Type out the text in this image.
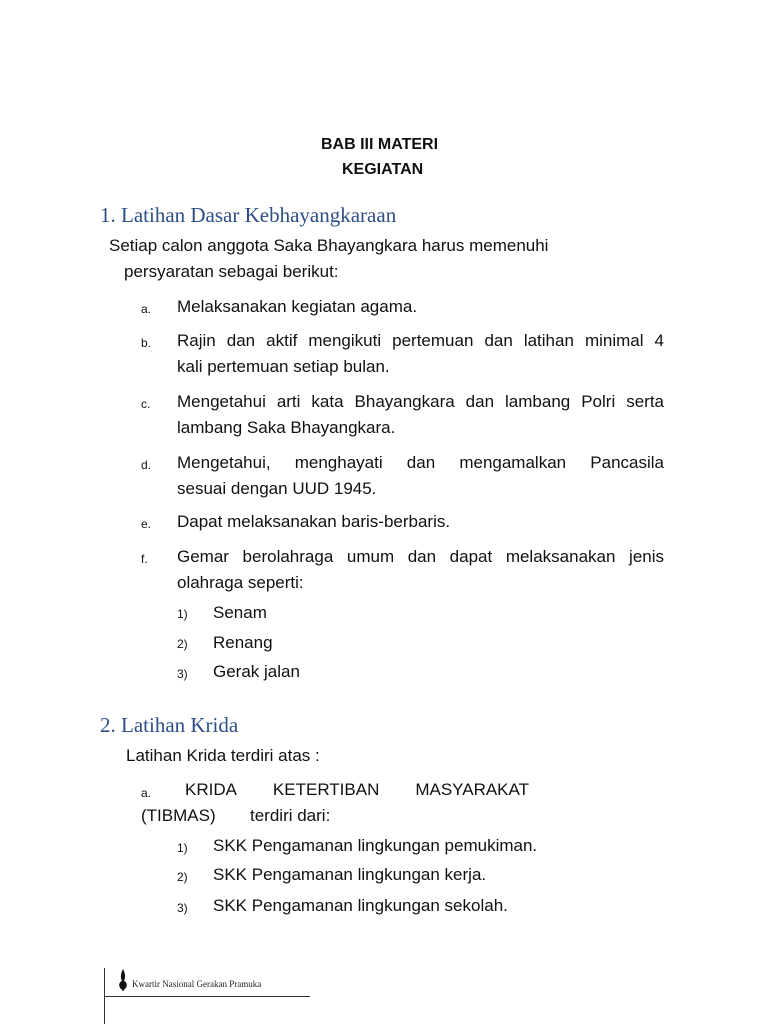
BAB III MATERI
KEGIATAN
1. Latihan Dasar Kebhayangkaraan
Setiap calon anggota Saka Bhayangkara harus memenuhi
persyaratan sebagai berikut:
a. Melaksanakan kegiatan agama.
b. Rajin dan aktif mengikuti pertemuan dan latihan minimal 4
kali pertemuan setiap bulan.
c. Mengetahui arti kata Bhayangkara dan lambang Polri serta
lambang Saka Bhayangkara.
d. Mengetahui, menghayati dan mengamalkan Pancasila
sesuai dengan UUD 1945.
e. Dapat melaksanakan baris-berbaris.
f. Gemar berolahraga umum dan dapat melaksanakan jenis
olahraga seperti:
1) Senam
2) Renang
3) Gerak jalan
2. Latihan Krida
Latihan Krida terdiri atas :
a. KRIDA KETERTIBAN MASYARAKAT
(TIBMAS) terdiri dari:
1) SKK Pengamanan lingkungan pemukiman.
2) SKK Pengamanan lingkungan kerja.
3) SKK Pengamanan lingkungan sekolah.
Kwartir Nasional Gerakan Pramuka
